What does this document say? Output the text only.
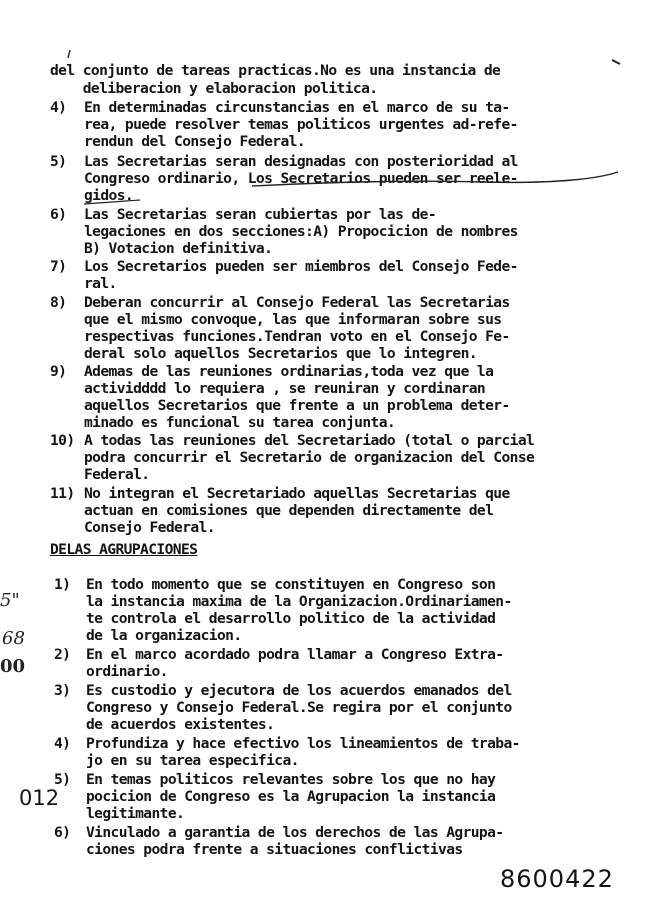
del conjunto de tareas practicas.No es una instancia de
deliberacion y elaboracion politica.
4) En determinadas circunstancias en el marco de su ta-
rea, puede resolver temas politicos urgentes ad-refe-
rendun del Consejo Federal.
5) Las Secretarias seran designadas con posterioridad al
Congreso ordinario, Los Secretarios pueden ser reele-
gidos.
6) Las Secretarias seran cubiertas por las de-
legaciones en dos secciones:A) Propocicion de nombres
B) Votacion definitiva.
7) Los Secretarios pueden ser miembros del Consejo Fede-
ral.
8) Deberan concurrir al Consejo Federal las Secretarias
que el mismo convoque, las que informaran sobre sus
respectivas funciones.Tendran voto en el Consejo Fe-
deral solo aquellos Secretarios que lo integren.
9) Ademas de las reuniones ordinarias,toda vez que la
actividddd lo requiera , se reuniran y cordinaran
aquellos Secretarios que frente a un problema deter-
minado es funcional su tarea conjunta.
10) A todas las reuniones del Secretariado (total o parcial
podra concurrir el Secretario de organizacion del Conse
Federal.
11) No integran el Secretariado aquellas Secretarias que
actuan en comisiones que dependen directamente del
Consejo Federal.
DELAS AGRUPACIONES
1) En todo momento que se constituyen en Congreso son
la instancia maxima de la Organizacion.Ordinariamen-
te controla el desarrollo politico de la actividad
de la organizacion.
2) En el marco acordado podra llamar a Congreso Extra-
ordinario.
3) Es custodio y ejecutora de los acuerdos emanados del
Congreso y Consejo Federal.Se regira por el conjunto
de acuerdos existentes.
4) Profundiza y hace efectivo los lineamientos de traba-
jo en su tarea especifica.
5) En temas politicos relevantes sobre los que no hay
pocicion de Congreso es la Agrupacion la instancia
legitimante.
6) Vinculado a garantia de los derechos de las Agrupa-
ciones podra frente a situaciones conflictivas
5"
68
00
012
8600422
